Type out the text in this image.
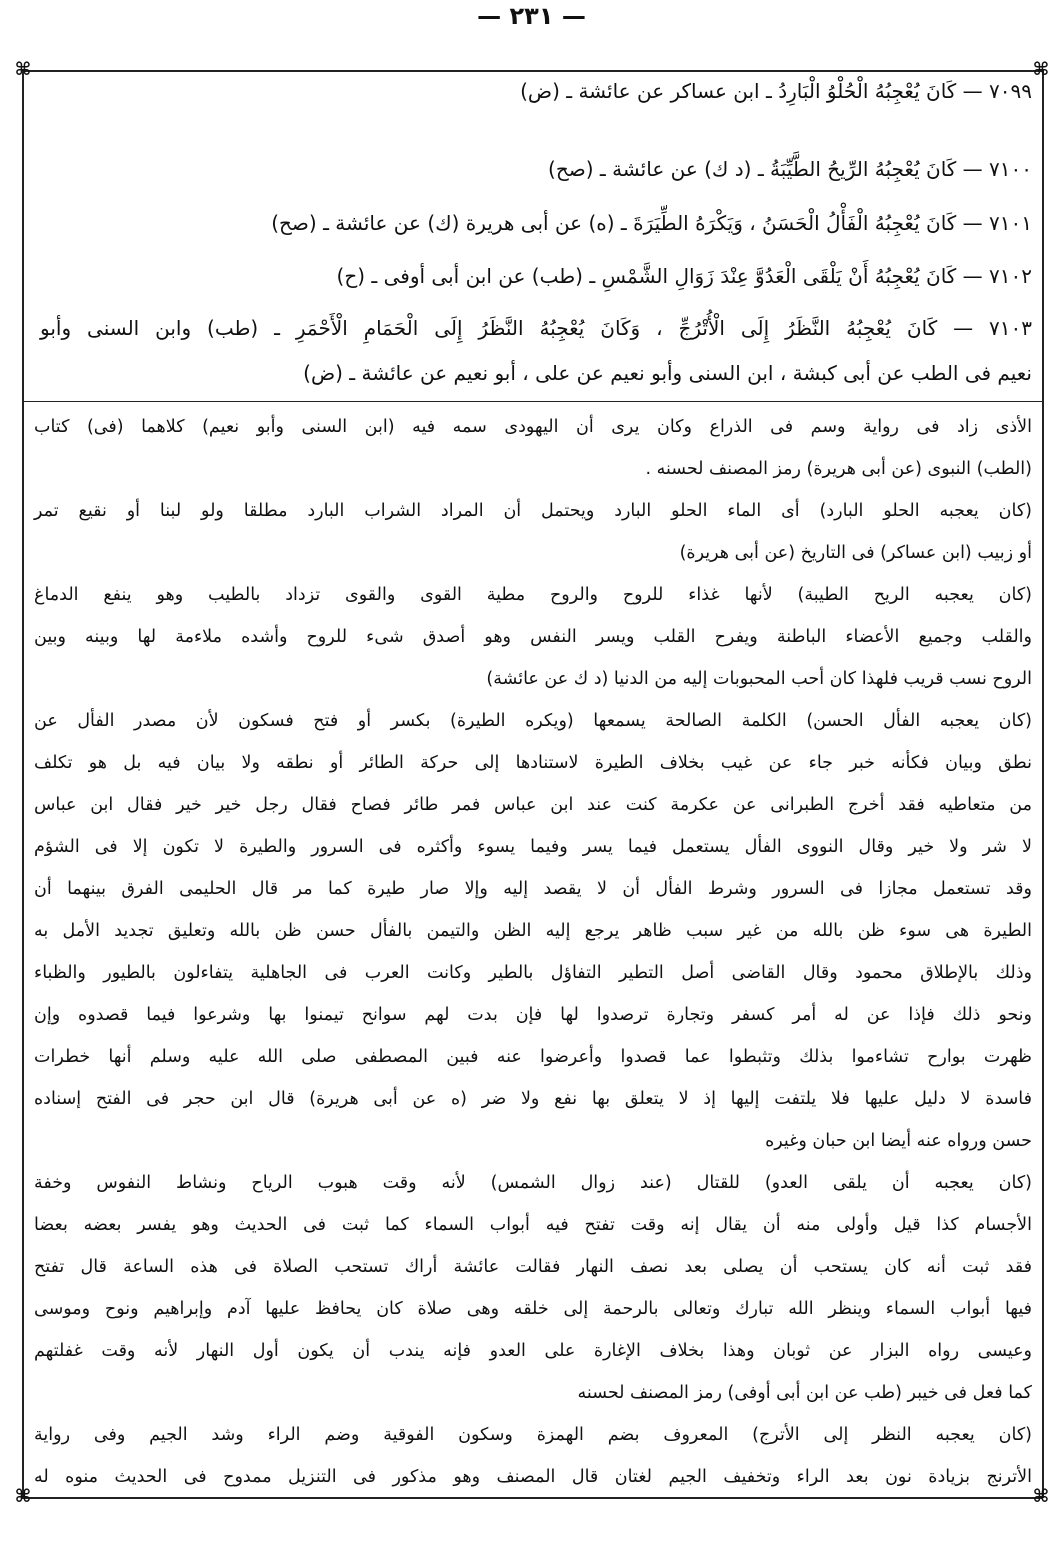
— ٢٣١ —
⌘	⌘
⌘	⌘
٧٠٩٩ — كَانَ يُعْجِبُهُ الْحُلْوُ الْبَارِدُ ـ ابن عساكر عن عائشة ـ (ض)
٧١٠٠ — كَانَ يُعْجِبُهُ الرِّيحُ الطَّيِّبَةُ ـ (د ك) عن عائشة ـ (صح)
٧١٠١ — كَانَ يُعْجِبُهُ الْفَأْلُ الْحَسَنُ ، وَيَكْرَهُ الطِّيَرَةَ ـ (ه) عن أبى هريرة (ك) عن عائشة ـ (صح)
٧١٠٢ — كَانَ يُعْجِبُهُ أَنْ يَلْقَى الْعَدُوَّ عِنْدَ زَوَالِ الشَّمْسِ ـ (طب) عن ابن أبى أوفى ـ (ح)
٧١٠٣ — كَانَ يُعْجِبُهُ النَّظَرُ إِلَى الْأُتْرُجِّ ، وَكَانَ يُعْجِبُهُ النَّظَرُ إِلَى الْحَمَامِ الْأَحْمَرِ ـ (طب) وابن السنى وأبو
نعيم فى الطب عن أبى كبشة ، ابن السنى وأبو نعيم عن على ، أبو نعيم عن عائشة ـ (ض)
الأذى زاد فى رواية وسم فى الذراع وكان يرى أن اليهودى سمه فيه (ابن السنى وأبو نعيم) كلاهما (فى) كتاب
(الطب) النبوى (عن أبى هريرة) رمز المصنف لحسنه .
(كان يعجبه الحلو البارد) أى الماء الحلو البارد ويحتمل أن المراد الشراب البارد مطلقا ولو لبنا أو نقيع تمر
أو زبيب (ابن عساكر) فى التاريخ (عن أبى هريرة)
(كان يعجبه الريح الطيبة) لأنها غذاء للروح والروح مطية القوى والقوى تزداد بالطيب وهو ينفع الدماغ
والقلب وجميع الأعضاء الباطنة ويفرح القلب ويسر النفس وهو أصدق شىء للروح وأشده ملاءمة لها وبينه وبين
الروح نسب قريب فلهذا كان أحب المحبوبات إليه من الدنيا (د ك عن عائشة)
(كان يعجبه الفأل الحسن) الكلمة الصالحة يسمعها (ويكره الطيرة) بكسر أو فتح فسكون لأن مصدر الفأل عن
نطق وبيان فكأنه خبر جاء عن غيب بخلاف الطيرة لاستنادها إلى حركة الطائر أو نطقه ولا بيان فيه بل هو تكلف
من متعاطيه فقد أخرج الطبرانى عن عكرمة كنت عند ابن عباس فمر طائر فصاح فقال رجل خير خير فقال ابن عباس
لا شر ولا خير وقال النووى الفأل يستعمل فيما يسر وفيما يسوء وأكثره فى السرور والطيرة لا تكون إلا فى الشؤم
وقد تستعمل مجازا فى السرور وشرط الفأل أن لا يقصد إليه وإلا صار طيرة كما مر قال الحليمى الفرق بينهما أن
الطيرة هى سوء ظن بالله من غير سبب ظاهر يرجع إليه الظن والتيمن بالفأل حسن ظن بالله وتعليق تجديد الأمل به
وذلك بالإطلاق محمود وقال القاضى أصل التطير التفاؤل بالطير وكانت العرب فى الجاهلية يتفاءلون بالطيور والظباء
ونحو ذلك فإذا عن له أمر كسفر وتجارة ترصدوا لها فإن بدت لهم سوانح تيمنوا بها وشرعوا فيما قصدوه وإن
ظهرت بوارح تشاءموا بذلك وتثبطوا عما قصدوا وأعرضوا عنه فبين المصطفى صلى الله عليه وسلم أنها خطرات
فاسدة لا دليل عليها فلا يلتفت إليها إذ لا يتعلق بها نفع ولا ضر (ه عن أبى هريرة) قال ابن حجر فى الفتح إسناده
حسن ورواه عنه أيضا ابن حبان وغيره
(كان يعجبه أن يلقى العدو) للقتال (عند زوال الشمس) لأنه وقت هبوب الرياح ونشاط النفوس وخفة
الأجسام كذا قيل وأولى منه أن يقال إنه وقت تفتح فيه أبواب السماء كما ثبت فى الحديث وهو يفسر بعضه بعضا
فقد ثبت أنه كان يستحب أن يصلى بعد نصف النهار فقالت عائشة أراك تستحب الصلاة فى هذه الساعة قال تفتح
فيها أبواب السماء وينظر الله تبارك وتعالى بالرحمة إلى خلقه وهى صلاة كان يحافظ عليها آدم وإبراهيم ونوح وموسى
وعيسى رواه البزار عن ثوبان وهذا بخلاف الإغارة على العدو فإنه يندب أن يكون أول النهار لأنه وقت غفلتهم
كما فعل فى خيبر (طب عن ابن أبى أوفى) رمز المصنف لحسنه
(كان يعجبه النظر إلى الأترج) المعروف بضم الهمزة وسكون الفوقية وضم الراء وشد الجيم وفى رواية
الأترنج بزيادة نون بعد الراء وتخفيف الجيم لغتان قال المصنف وهو مذكور فى التنزيل ممدوح فى الحديث منوه له
